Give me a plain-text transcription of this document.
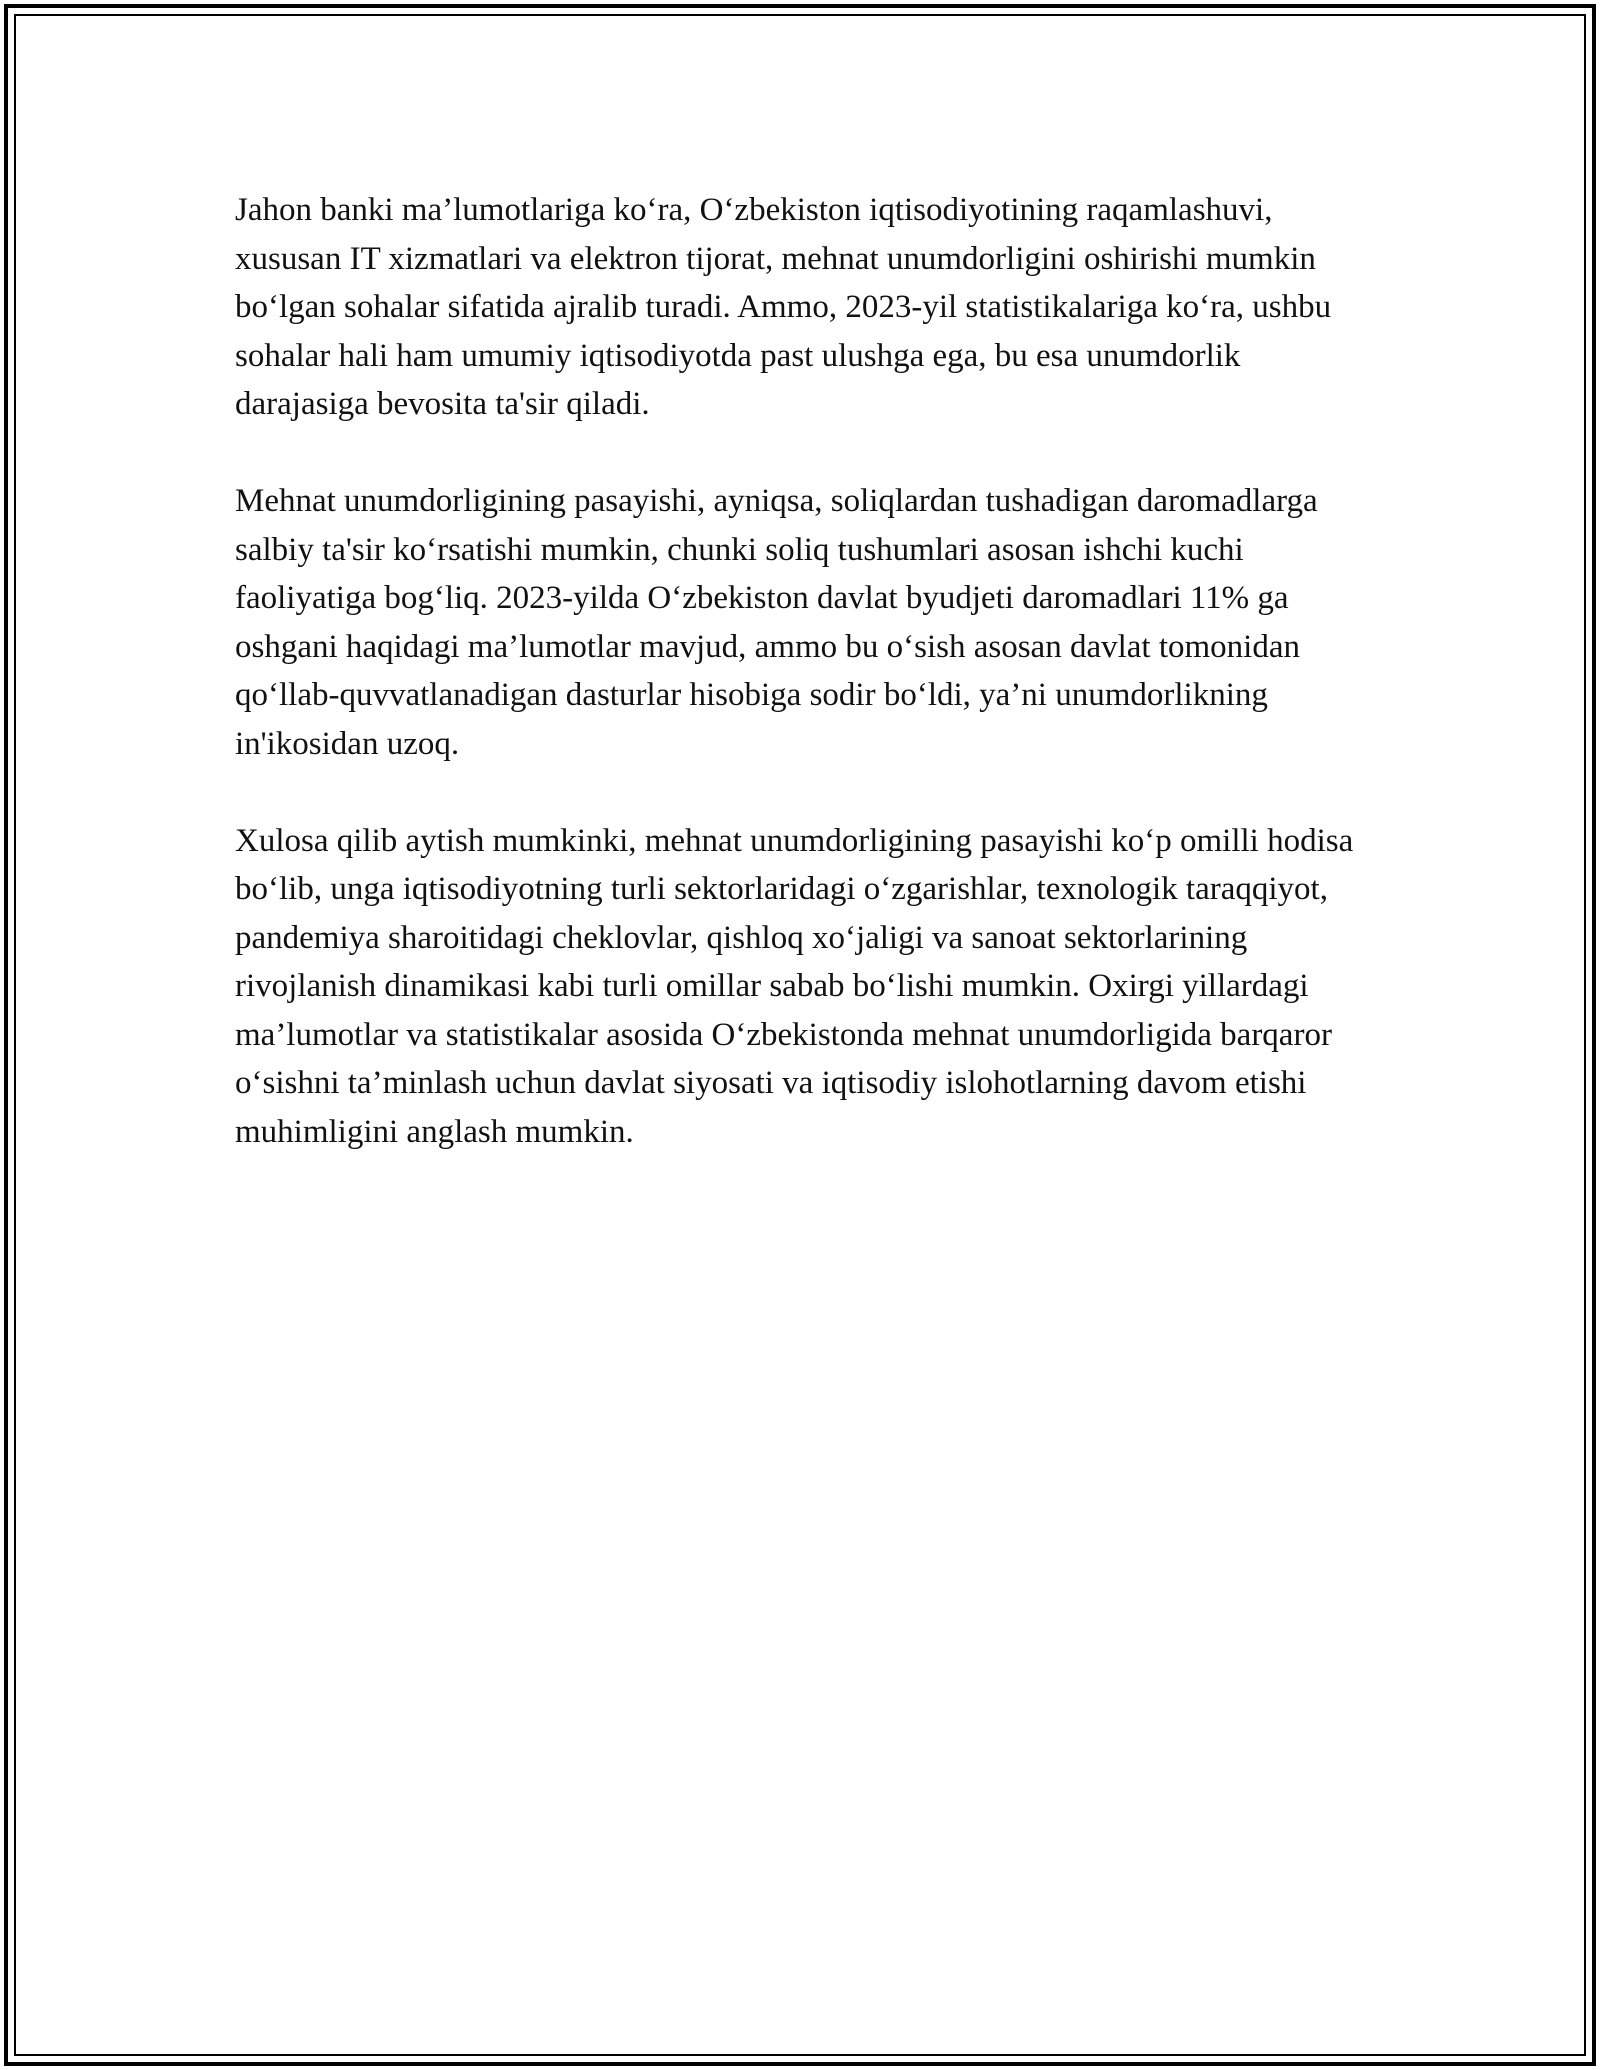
Jahon banki ma’lumotlariga ko‘ra, O‘zbekiston iqtisodiyotining raqamlashuvi, xususan IT xizmatlari va elektron tijorat, mehnat unumdorligini oshirishi mumkin bo‘lgan sohalar sifatida ajralib turadi. Ammo, 2023-yil statistikalariga ko‘ra, ushbu sohalar hali ham umumiy iqtisodiyotda past ulushga ega, bu esa unumdorlik darajasiga bevosita ta'sir qiladi.

Mehnat unumdorligining pasayishi, ayniqsa, soliqlardan tushadigan daromadlarga salbiy ta'sir ko‘rsatishi mumkin, chunki soliq tushumlari asosan ishchi kuchi faoliyatiga bog‘liq. 2023-yilda O‘zbekiston davlat byudjeti daromadlari 11% ga oshgani haqidagi ma’lumotlar mavjud, ammo bu o‘sish asosan davlat tomonidan qo‘llab-quvvatlanadigan dasturlar hisobiga sodir bo‘ldi, ya’ni unumdorlikning in'ikosidan uzoq.

Xulosa qilib aytish mumkinki, mehnat unumdorligining pasayishi ko‘p omilli hodisa bo‘lib, unga iqtisodiyotning turli sektorlaridagi o‘zgarishlar, texnologik taraqqiyot, pandemiya sharoitidagi cheklovlar, qishloq xo‘jaligi va sanoat sektorlarining rivojlanish dinamikasi kabi turli omillar sabab bo‘lishi mumkin. Oxirgi yillardagi ma’lumotlar va statistikalar asosida O‘zbekistonda mehnat unumdorligida barqaror o‘sishni ta’minlash uchun davlat siyosati va iqtisodiy islohotlarning davom etishi muhimligini anglash mumkin.
